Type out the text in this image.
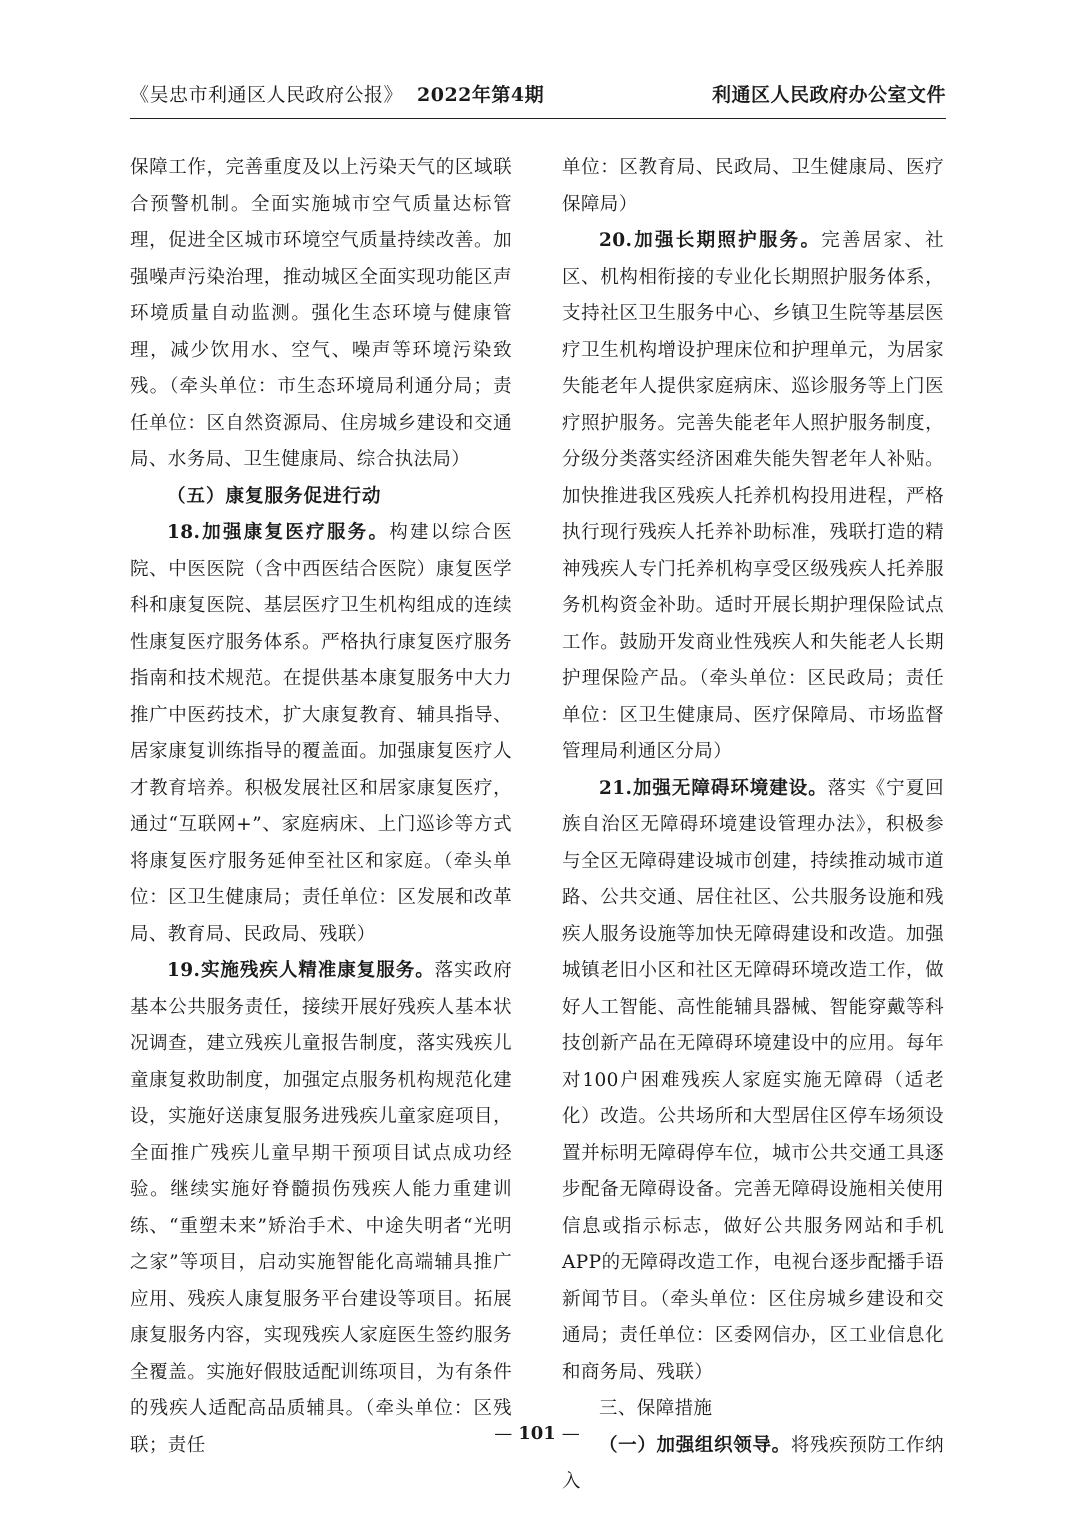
《吴忠市利通区人民政府公报》 2022年第4期	利通区人民政府办公室文件

保障工作，完善重度及以上污染天气的区域联合预警机制。全面实施城市空气质量达标管理，促进全区城市环境空气质量持续改善。加强噪声污染治理，推动城区全面实现功能区声环境质量自动监测。强化生态环境与健康管理，减少饮用水、空气、噪声等环境污染致残。（牵头单位：市生态环境局利通分局；责任单位：区自然资源局、住房城乡建设和交通局、水务局、卫生健康局、综合执法局）

（五）康复服务促进行动

18.加强康复医疗服务。构建以综合医院、中医医院（含中西医结合医院）康复医学科和康复医院、基层医疗卫生机构组成的连续性康复医疗服务体系。严格执行康复医疗服务指南和技术规范。在提供基本康复服务中大力推广中医药技术，扩大康复教育、辅具指导、居家康复训练指导的覆盖面。加强康复医疗人才教育培养。积极发展社区和居家康复医疗，通过“互联网+”、家庭病床、上门巡诊等方式将康复医疗服务延伸至社区和家庭。（牵头单位：区卫生健康局；责任单位：区发展和改革局、教育局、民政局、残联）

19.实施残疾人精准康复服务。落实政府基本公共服务责任，接续开展好残疾人基本状况调查，建立残疾儿童报告制度，落实残疾儿童康复救助制度，加强定点服务机构规范化建设，实施好送康复服务进残疾儿童家庭项目，全面推广残疾儿童早期干预项目试点成功经验。继续实施好脊髓损伤残疾人能力重建训练、“重塑未来”矫治手术、中途失明者“光明之家”等项目，启动实施智能化高端辅具推广应用、残疾人康复服务平台建设等项目。拓展康复服务内容，实现残疾人家庭医生签约服务全覆盖。实施好假肢适配训练项目，为有条件的残疾人适配高品质辅具。（牵头单位：区残联；责任

单位：区教育局、民政局、卫生健康局、医疗保障局）

20.加强长期照护服务。完善居家、社区、机构相衔接的专业化长期照护服务体系，支持社区卫生服务中心、乡镇卫生院等基层医疗卫生机构增设护理床位和护理单元，为居家失能老年人提供家庭病床、巡诊服务等上门医疗照护服务。完善失能老年人照护服务制度，分级分类落实经济困难失能失智老年人补贴。加快推进我区残疾人托养机构投用进程，严格执行现行残疾人托养补助标准，残联打造的精神残疾人专门托养机构享受区级残疾人托养服务机构资金补助。适时开展长期护理保险试点工作。鼓励开发商业性残疾人和失能老人长期护理保险产品。（牵头单位：区民政局；责任单位：区卫生健康局、医疗保障局、市场监督管理局利通区分局）

21.加强无障碍环境建设。落实《宁夏回族自治区无障碍环境建设管理办法》，积极参与全区无障碍建设城市创建，持续推动城市道路、公共交通、居住社区、公共服务设施和残疾人服务设施等加快无障碍建设和改造。加强城镇老旧小区和社区无障碍环境改造工作，做好人工智能、高性能辅具器械、智能穿戴等科技创新产品在无障碍环境建设中的应用。每年对100户困难残疾人家庭实施无障碍（适老化）改造。公共场所和大型居住区停车场须设置并标明无障碍停车位，城市公共交通工具逐步配备无障碍设备。完善无障碍设施相关使用信息或指示标志，做好公共服务网站和手机APP的无障碍改造工作，电视台逐步配播手语新闻节目。（牵头单位：区住房城乡建设和交通局；责任单位：区委网信办，区工业信息化和商务局、残联）

三、保障措施

（一）加强组织领导。将残疾预防工作纳入

— 101 —
